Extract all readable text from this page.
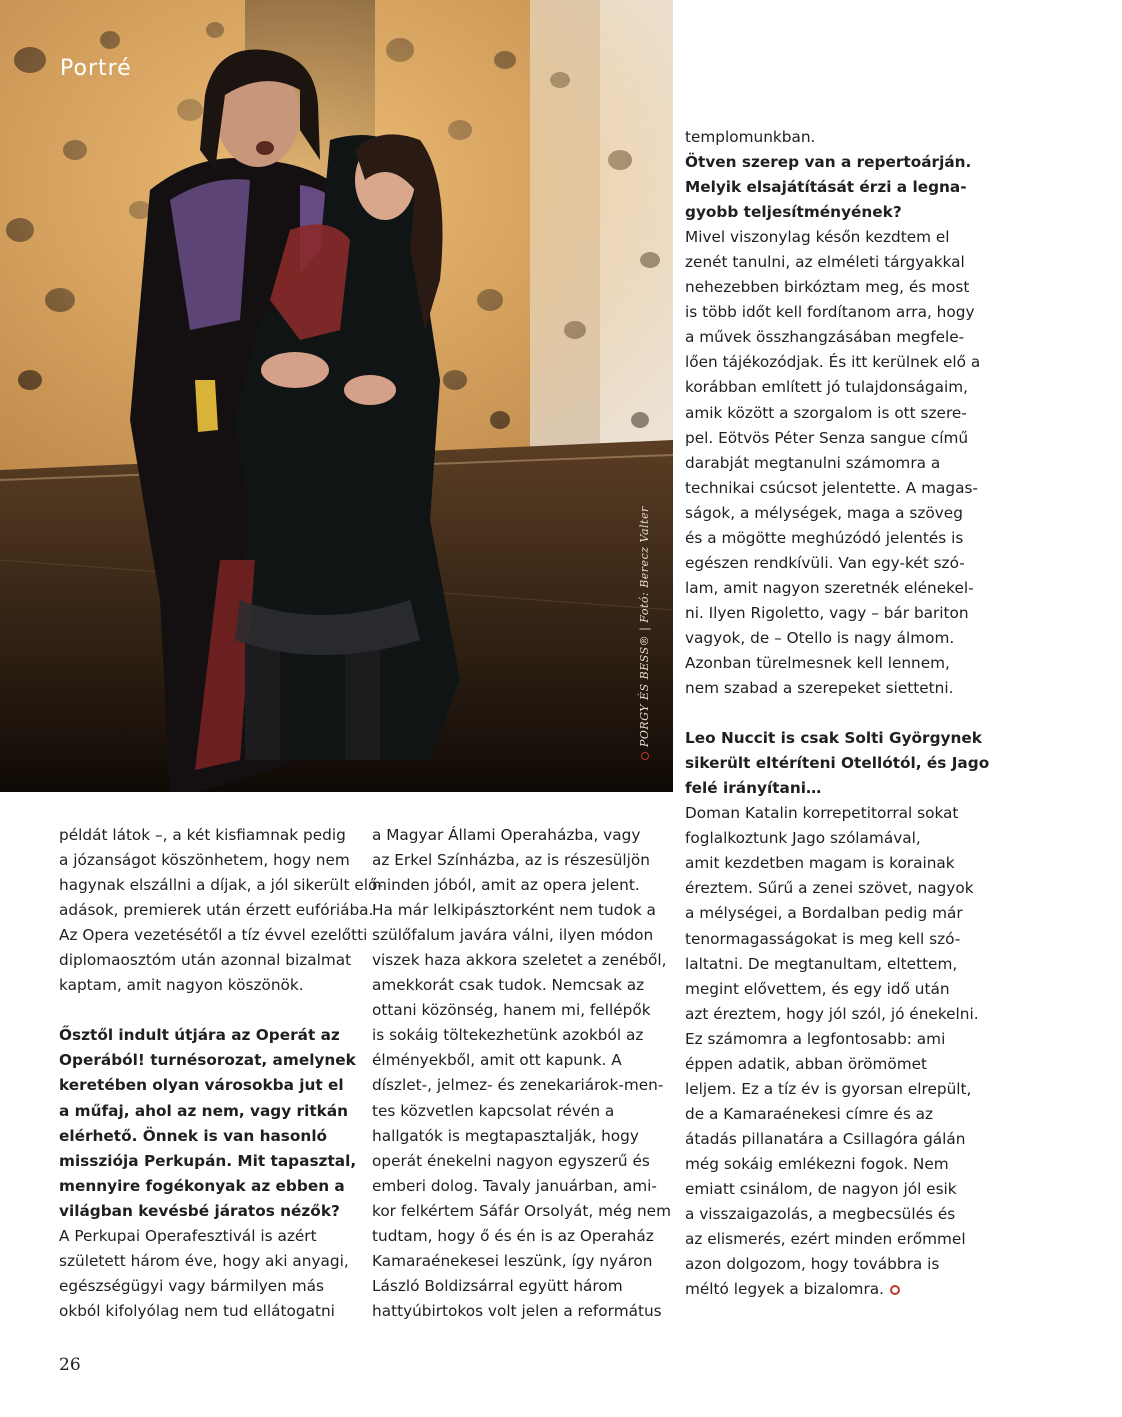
Portré
PORGY ÉS BESS® | Fotó: Berecz Valter
példát látok –, a két kisfiamnak pedig
a józanságot köszönhetem, hogy nem
hagynak elszállni a díjak, a jól sikerült elő-
adások, premierek után érzett eufóriába.
Az Opera vezetésétől a tíz évvel ezelőtti
diplomaosztóm után azonnal bizalmat
kaptam, amit nagyon köszönök.
Ősztől indult útjára az Operát az
Operából! turnésorozat, amelynek
keretében olyan városokba jut el
a műfaj, ahol az nem, vagy ritkán
elérhető. Önnek is van hasonló
missziója Perkupán. Mit tapasztal,
mennyire fogékonyak az ebben a
világban kevésbé járatos nézők?
A Perkupai Operafesztivál is azért
született három éve, hogy aki anyagi,
egészségügyi vagy bármilyen más
okból kifolyólag nem tud ellátogatni
a Magyar Állami Operaházba, vagy
az Erkel Színházba, az is részesüljön
minden jóból, amit az opera jelent.
Ha már lelkipásztorként nem tudok a
szülőfalum javára válni, ilyen módon
viszek haza akkora szeletet a zenéből,
amekkorát csak tudok. Nemcsak az
ottani közönség, hanem mi, fellépők
is sokáig töltekezhetünk azokból az
élményekből, amit ott kapunk. A
díszlet-, jelmez- és zenekariárok-men-
tes közvetlen kapcsolat révén a
hallgatók is megtapasztalják, hogy
operát énekelni nagyon egyszerű és
emberi dolog. Tavaly januárban, ami-
kor felkértem Sáfár Orsolyát, még nem
tudtam, hogy ő és én is az Operaház
Kamaraénekesei leszünk, így nyáron
László Boldizsárral együtt három
hattyúbirtokos volt jelen a református
templomunkban.
Ötven szerep van a repertoárján.
Melyik elsajátítását érzi a legna-
gyobb teljesítményének?
Mivel viszonylag későn kezdtem el
zenét tanulni, az elméleti tárgyakkal
nehezebben birkóztam meg, és most
is több időt kell fordítanom arra, hogy
a művek összhangzásában megfele-
lően tájékozódjak. És itt kerülnek elő a
korábban említett jó tulajdonságaim,
amik között a szorgalom is ott szere-
pel. Eötvös Péter Senza sangue című
darabját megtanulni számomra a
technikai csúcsot jelentette. A magas-
ságok, a mélységek, maga a szöveg
és a mögötte meghúzódó jelentés is
egészen rendkívüli. Van egy-két szó-
lam, amit nagyon szeretnék elénekel-
ni. Ilyen Rigoletto, vagy – bár bariton
vagyok, de – Otello is nagy álmom.
Azonban türelmesnek kell lennem,
nem szabad a szerepeket siettetni.
Leo Nuccit is csak Solti Györgynek
sikerült eltéríteni Otellótól, és Jago
felé irányítani…
Doman Katalin korrepetitorral sokat
foglalkoztunk Jago szólamával,
amit kezdetben magam is korainak
éreztem. Sűrű a zenei szövet, nagyok
a mélységei, a Bordalban pedig már
tenormagasságokat is meg kell szó-
laltatni. De megtanultam, eltettem,
megint elővettem, és egy idő után
azt éreztem, hogy jól szól, jó énekelni.
Ez számomra a legfontosabb: ami
éppen adatik, abban örömömet
leljem. Ez a tíz év is gyorsan elrepült,
de a Kamaraénekesi címre és az
átadás pillanatára a Csillagóra gálán
még sokáig emlékezni fogok. Nem
emiatt csinálom, de nagyon jól esik
a visszaigazolás, a megbecsülés és
az elismerés, ezért minden erőmmel
azon dolgozom, hogy továbbra is
méltó legyek a bizalomra.
26
